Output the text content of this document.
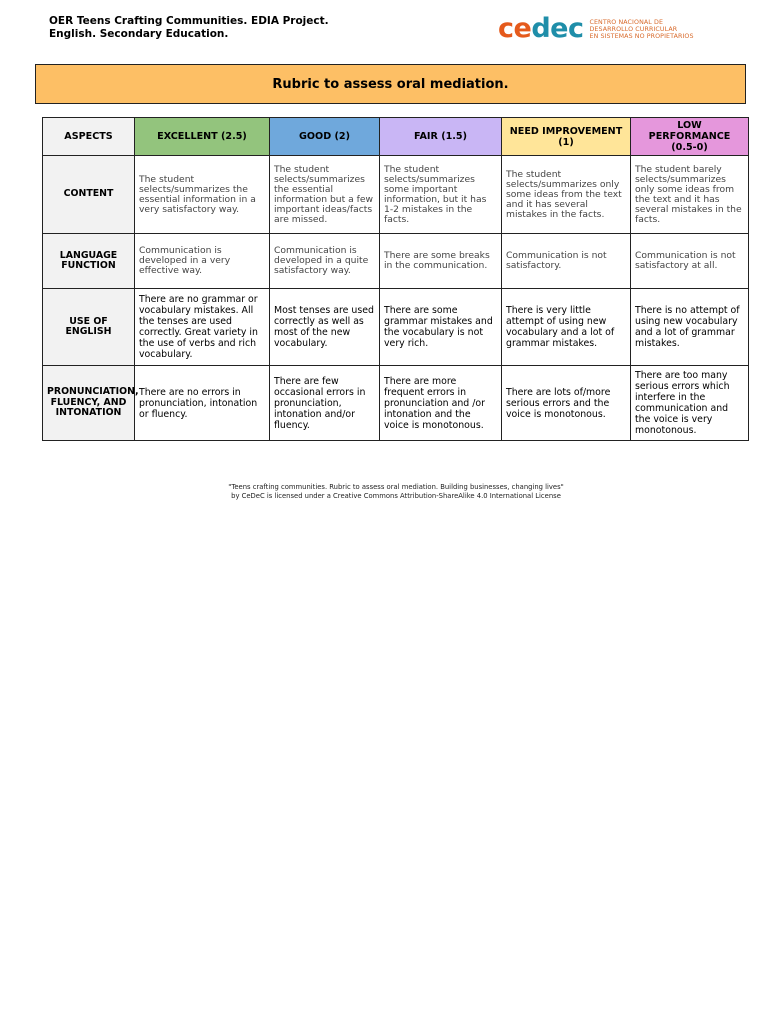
OER Teens Crafting Communities. EDIA Project.
English. Secondary Education.	cedec CENTRO NACIONAL DE
DESARROLLO CURRICULAR
EN SISTEMAS NO PROPIETARIOS
Rubric to assess oral mediation.
ASPECTS	EXCELLENT (2.5)	GOOD (2)	FAIR (1.5)	NEED IMPROVEMENT (1)	LOW PERFORMANCE (0.5-0)
CONTENT	The student selects/summarizes the essential information in a very satisfactory way.	The student selects/summarizes the essential information but a few important ideas/facts are missed.	The student selects/summarizes some important information, but it has 1-2 mistakes in the facts.	The student selects/summarizes only some ideas from the text and it has several mistakes in the facts.	The student barely selects/summarizes only some ideas from the text and it has several mistakes in the facts.
LANGUAGE FUNCTION	Communication is developed in a very effective way.	Communication is developed in a quite satisfactory way.	There are some breaks in the communication.	Communication is not satisfactory.	Communication is not satisfactory at all.
USE OF ENGLISH	There are no grammar or vocabulary mistakes. All the tenses are used correctly. Great variety in the use of verbs and rich vocabulary.	Most tenses are used correctly as well as most of the new vocabulary.	There are some grammar mistakes and the vocabulary is not very rich.	There is very little attempt of using new vocabulary and a lot of grammar mistakes.	There is no attempt of using new vocabulary and a lot of grammar mistakes.
PRONUNCIATION, FLUENCY, AND INTONATION	There are no errors in pronunciation, intonation or fluency.	There are few occasional errors in pronunciation, intonation and/or fluency.	There are more frequent errors in pronunciation and /or intonation and the voice is monotonous.	There are lots of/more serious errors and the voice is monotonous.	There are too many serious errors which interfere in the communication and the voice is very monotonous.
"Teens crafting communities. Rubric to assess oral mediation. Building businesses, changing lives"
by CeDeC is licensed under a Creative Commons Attribution-ShareAlike 4.0 International License
